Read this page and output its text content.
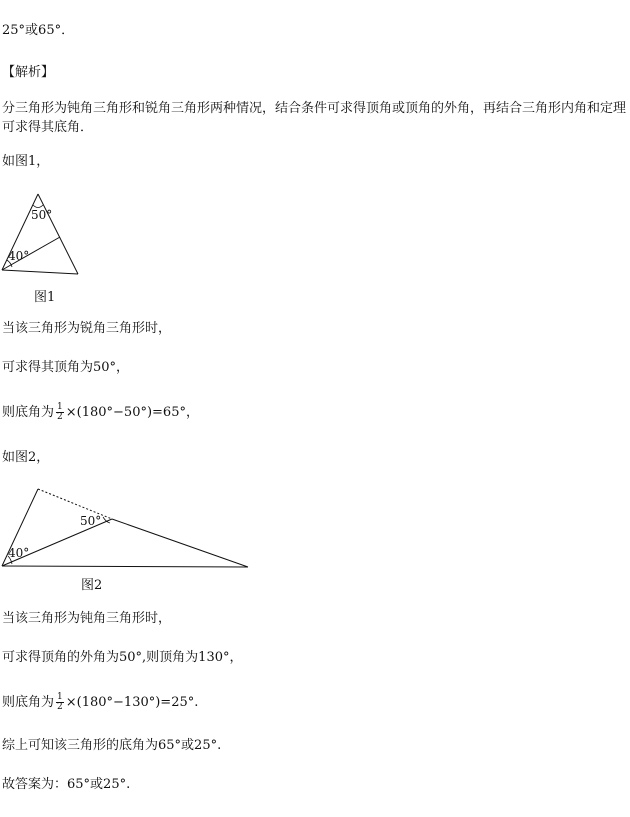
25°或65°．
【解析】
分三角形为钝角三角形和锐角三角形两种情况，结合条件可求得顶角或顶角的外角，再结合三角形内角和定理可求得其底角．
如图1，
50°
40°
图1
当该三角形为锐角三角形时，
可求得其顶角为50°，
则底角为 $\frac{1}{2} \times(180^\circ-50^\circ)=65^\circ$，
如图2，
50°
40°
图2
当该三角形为钝角三角形时，
可求得顶角的外角为50°,则顶角为130°，
则底角为 $\frac{1}{2} \times(180^\circ-130^\circ)=25^\circ$.
综上可知该三角形的底角为65°或25°.
故答案为：65°或25°.
